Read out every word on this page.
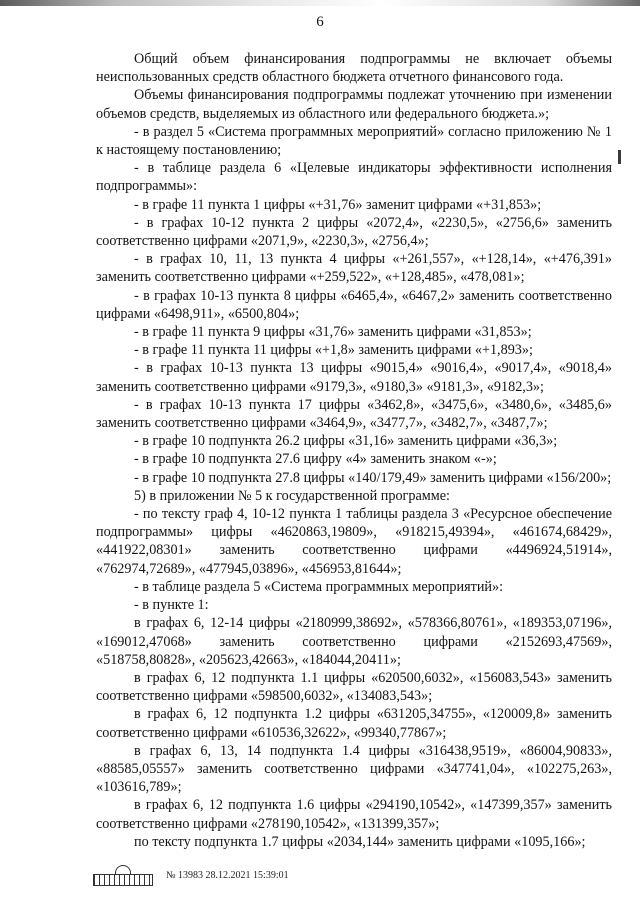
6

Общий объем финансирования подпрограммы не включает объемы неиспользованных средств областного бюджета отчетного финансового года.

Объемы финансирования подпрограммы подлежат уточнению при изменении объемов средств, выделяемых из областного или федерального бюджета.»;

- в раздел 5 «Система программных мероприятий» согласно приложению № 1 к настоящему постановлению;

- в таблице раздела 6 «Целевые индикаторы эффективности исполнения подпрограммы»:

- в графе 11 пункта 1 цифры «+31,76» заменит цифрами «+31,853»;

- в графах 10-12 пункта 2 цифры «2072,4», «2230,5», «2756,6» заменить соответственно цифрами «2071,9», «2230,3», «2756,4»;

- в графах 10, 11, 13 пункта 4 цифры «+261,557», «+128,14», «+476,391» заменить соответственно цифрами «+259,522», «+128,485», «478,081»;

- в графах 10-13 пункта 8 цифры «6465,4», «6467,2» заменить соответственно цифрами «6498,911», «6500,804»;

- в графе 11 пункта 9 цифры «31,76» заменить цифрами «31,853»;

- в графе 11 пункта 11 цифры «+1,8» заменить цифрами «+1,893»;

- в графах 10-13 пункта 13 цифры «9015,4» «9016,4», «9017,4», «9018,4» заменить соответственно цифрами «9179,3», «9180,3» «9181,3», «9182,3»;

- в графах 10-13 пункта 17 цифры «3462,8», «3475,6», «3480,6», «3485,6» заменить соответственно цифрами «3464,9», «3477,7», «3482,7», «3487,7»;

- в графе 10 подпункта 26.2 цифры «31,16» заменить цифрами «36,3»;

- в графе 10 подпункта 27.6 цифру «4» заменить знаком «-»;

- в графе 10 подпункта 27.8 цифры «140/179,49» заменить цифрами «156/200»;

5) в приложении № 5 к государственной программе:

- по тексту граф 4, 10-12 пункта 1 таблицы раздела 3 «Ресурсное обеспечение подпрограммы» цифры «4620863,19809», «918215,49394», «461674,68429», «441922,08301» заменить соответственно цифрами «4496924,51914», «762974,72689», «477945,03896», «456953,81644»;

- в таблице раздела 5 «Система программных мероприятий»:

- в пункте 1:

в графах 6, 12-14 цифры «2180999,38692», «578366,80761», «189353,07196», «169012,47068» заменить соответственно цифрами «2152693,47569», «518758,80828», «205623,42663», «184044,20411»;

в графах 6, 12 подпункта 1.1 цифры «620500,6032», «156083,543» заменить соответственно цифрами «598500,6032», «134083,543»;

в графах 6, 12 подпункта 1.2 цифры «631205,34755», «120009,8» заменить соответственно цифрами «610536,32622», «99340,77867»;

в графах 6, 13, 14 подпункта 1.4 цифры «316438,9519», «86004,90833», «88585,05557» заменить соответственно цифрами «347741,04», «102275,263», «103616,789»;

в графах 6, 12 подпункта 1.6 цифры «294190,10542», «147399,357» заменить соответственно цифрами «278190,10542», «131399,357»;

по тексту подпункта 1.7 цифры «2034,144» заменить цифрами «1095,166»;

№ 13983 28.12.2021 15:39:01
